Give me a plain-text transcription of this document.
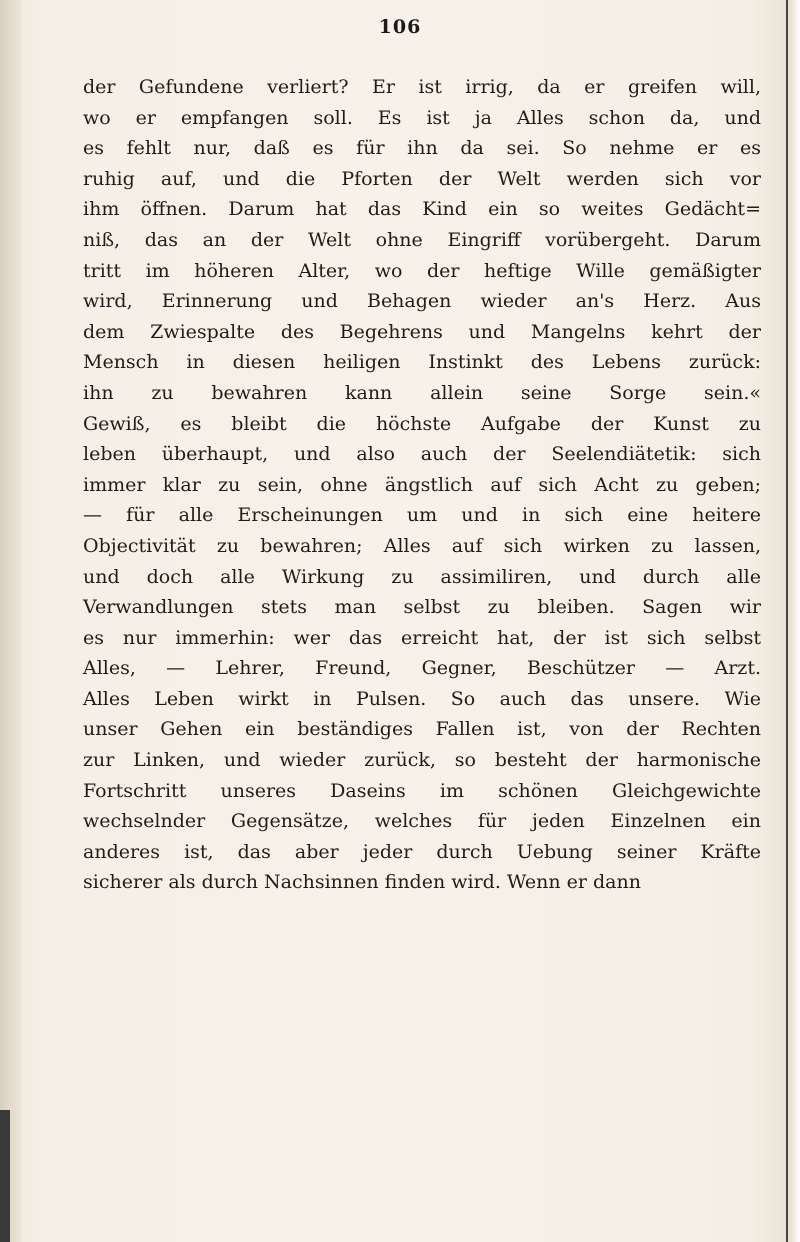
106
der Gefundene verliert? Er ist irrig, da er greifen will,
wo er empfangen soll. Es ist ja Alles schon da, und
es fehlt nur, daß es für ihn da sei. So nehme er es
ruhig auf, und die Pforten der Welt werden sich vor
ihm öffnen. Darum hat das Kind ein so weites Gedächt=
niß, das an der Welt ohne Eingriff vorübergeht. Darum
tritt im höheren Alter, wo der heftige Wille gemäßigter
wird, Erinnerung und Behagen wieder an's Herz. Aus
dem Zwiespalte des Begehrens und Mangelns kehrt der
Mensch in diesen heiligen Instinkt des Lebens zurück:
ihn zu bewahren kann allein seine Sorge sein.«
Gewiß, es bleibt die höchste Aufgabe der Kunst zu
leben überhaupt, und also auch der Seelendiätetik: sich
immer klar zu sein, ohne ängstlich auf sich Acht zu geben;
— für alle Erscheinungen um und in sich eine heitere
Objectivität zu bewahren; Alles auf sich wirken zu lassen,
und doch alle Wirkung zu assimiliren, und durch alle
Verwandlungen stets man selbst zu bleiben. Sagen wir
es nur immerhin: wer das erreicht hat, der ist sich selbst
Alles, — Lehrer, Freund, Gegner, Beschützer — Arzt.
Alles Leben wirkt in Pulsen. So auch das unsere. Wie
unser Gehen ein beständiges Fallen ist, von der Rechten
zur Linken, und wieder zurück, so besteht der harmonische
Fortschritt unseres Daseins im schönen Gleichgewichte
wechselnder Gegensätze, welches für jeden Einzelnen ein
anderes ist, das aber jeder durch Uebung seiner Kräfte
sicherer als durch Nachsinnen finden wird. Wenn er dann
